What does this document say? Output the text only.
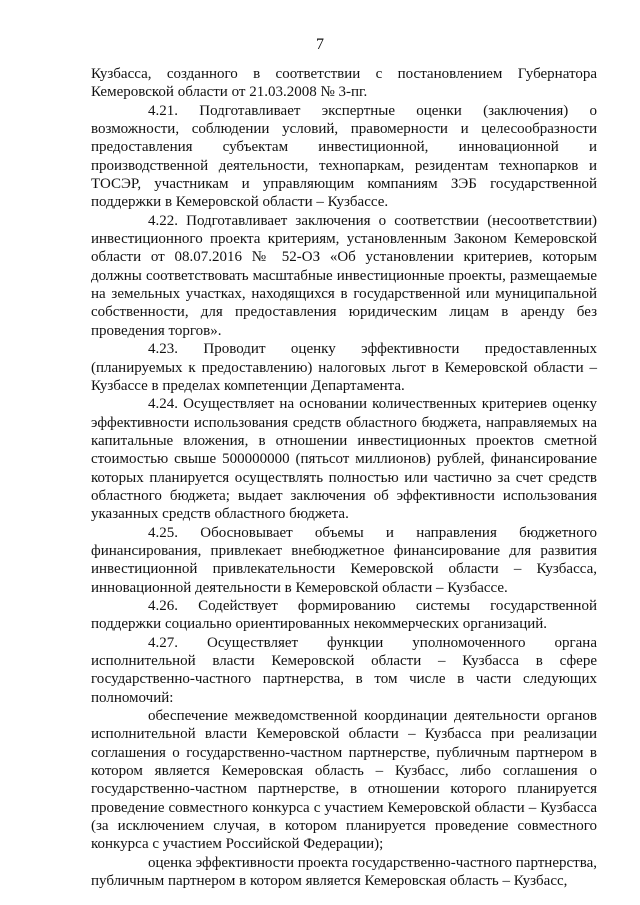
7

Кузбасса, созданного в соответствии с постановлением Губернатора Кемеровской области от 21.03.2008 № 3-пг.

4.21. Подготавливает экспертные оценки (заключения) о возможности, соблюдении условий, правомерности и целесообразности предоставления субъектам инвестиционной, инновационной и производственной деятельности, технопаркам, резидентам технопарков и ТОСЭР, участникам и управляющим компаниям ЗЭБ государственной поддержки в Кемеровской области – Кузбассе.

4.22. Подготавливает заключения о соответствии (несоответствии) инвестиционного проекта критериям, установленным Законом Кемеровской области от 08.07.2016 № 52-ОЗ «Об установлении критериев, которым должны соответствовать масштабные инвестиционные проекты, размещаемые на земельных участках, находящихся в государственной или муниципальной собственности, для предоставления юридическим лицам в аренду без проведения торгов».

4.23. Проводит оценку эффективности предоставленных (планируемых к предоставлению) налоговых льгот в Кемеровской области – Кузбассе в пределах компетенции Департамента.

4.24. Осуществляет на основании количественных критериев оценку эффективности использования средств областного бюджета, направляемых на капитальные вложения, в отношении инвестиционных проектов сметной стоимостью свыше 500000000 (пятьсот миллионов) рублей, финансирование которых планируется осуществлять полностью или частично за счет средств областного бюджета; выдает заключения об эффективности использования указанных средств областного бюджета.

4.25. Обосновывает объемы и направления бюджетного финансирования, привлекает внебюджетное финансирование для развития инвестиционной привлекательности Кемеровской области – Кузбасса, инновационной деятельности в Кемеровской области – Кузбассе.

4.26. Содействует формированию системы государственной поддержки социально ориентированных некоммерческих организаций.

4.27. Осуществляет функции уполномоченного органа исполнительной власти Кемеровской области – Кузбасса в сфере государственно-частного партнерства, в том числе в части следующих полномочий:

обеспечение межведомственной координации деятельности органов исполнительной власти Кемеровской области – Кузбасса при реализации соглашения о государственно-частном партнерстве, публичным партнером в котором является Кемеровская область – Кузбасс, либо соглашения о государственно-частном партнерстве, в отношении которого планируется проведение совместного конкурса с участием Кемеровской области – Кузбасса (за исключением случая, в котором планируется проведение совместного конкурса с участием Российской Федерации);

оценка эффективности проекта государственно-частного партнерства, публичным партнером в котором является Кемеровская область – Кузбасс,
